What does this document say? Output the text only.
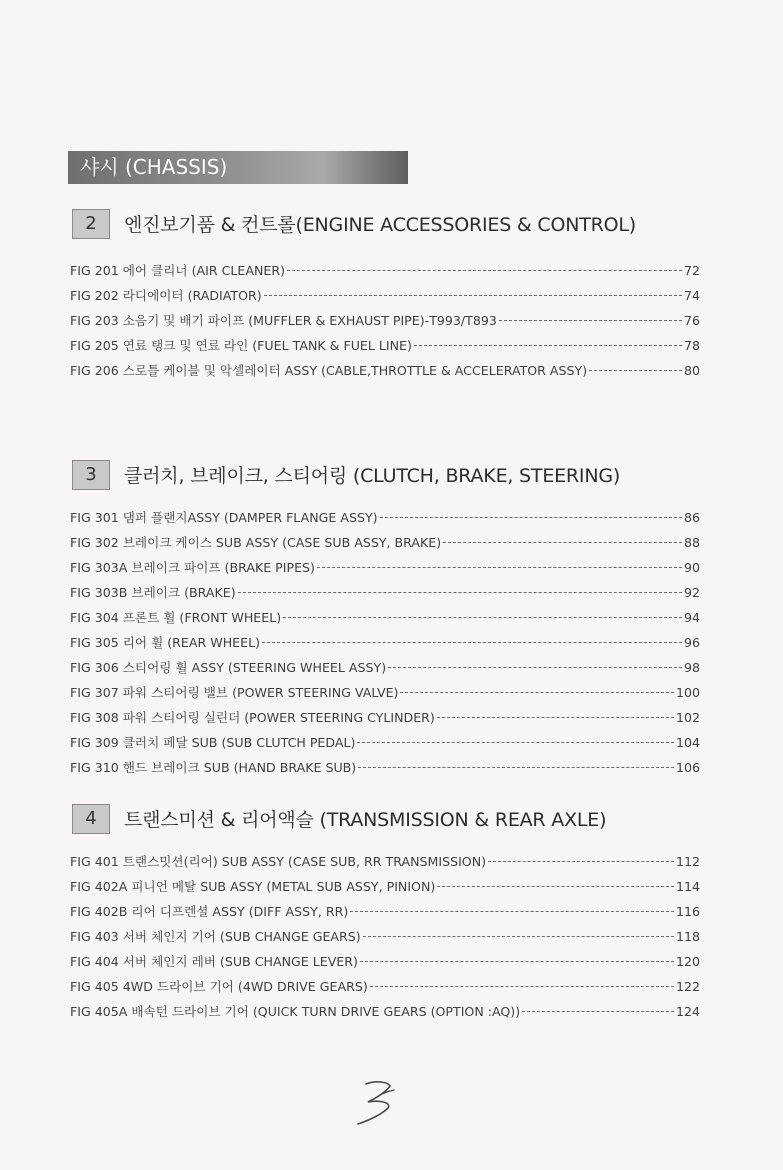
샤시 (CHASSIS)
2	엔진보기품 & 컨트롤(ENGINE ACCESSORIES & CONTROL)
FIG 201 에어 클리너 (AIR CLEANER)	72
FIG 202 라디에이터 (RADIATOR)	74
FIG 203 소음기 및 배기 파이프 (MUFFLER & EXHAUST PIPE)-T993/T893	76
FIG 205 연료 탱크 및 연료 라인 (FUEL TANK & FUEL LINE)	78
FIG 206 스로틀 케이블 및 악셀레이터 ASSY (CABLE,THROTTLE & ACCELERATOR ASSY)	80
3	클러치, 브레이크, 스티어링 (CLUTCH, BRAKE, STEERING)
FIG 301 댐퍼 플랜지ASSY (DAMPER FLANGE ASSY)	86
FIG 302 브레이크 케이스 SUB ASSY (CASE SUB ASSY, BRAKE)	88
FIG 303A 브레이크 파이프 (BRAKE PIPES)	90
FIG 303B 브레이크 (BRAKE)	92
FIG 304 프론트 휠 (FRONT WHEEL)	94
FIG 305 리어 휠 (REAR WHEEL)	96
FIG 306 스티어링 휠 ASSY (STEERING WHEEL ASSY)	98
FIG 307 파워 스티어링 밸브 (POWER STEERING VALVE)	100
FIG 308 파워 스티어링 실린더 (POWER STEERING CYLINDER)	102
FIG 309 클러치 페달 SUB (SUB CLUTCH PEDAL)	104
FIG 310 핸드 브레이크 SUB (HAND BRAKE SUB)	106
4	트랜스미션 & 리어액슬 (TRANSMISSION & REAR AXLE)
FIG 401 트랜스밋션(리어) SUB ASSY (CASE SUB, RR TRANSMISSION)	112
FIG 402A 피니언 메탈 SUB ASSY (METAL SUB ASSY, PINION)	114
FIG 402B 리어 디프렌셜 ASSY (DIFF ASSY, RR)	116
FIG 403 서버 체인지 기어 (SUB CHANGE GEARS)	118
FIG 404 서버 체인지 레버 (SUB CHANGE LEVER)	120
FIG 405 4WD 드라이브 기어 (4WD DRIVE GEARS)	122
FIG 405A 배속턴 드라이브 기어 (QUICK TURN DRIVE GEARS (OPTION :AQ))	124
